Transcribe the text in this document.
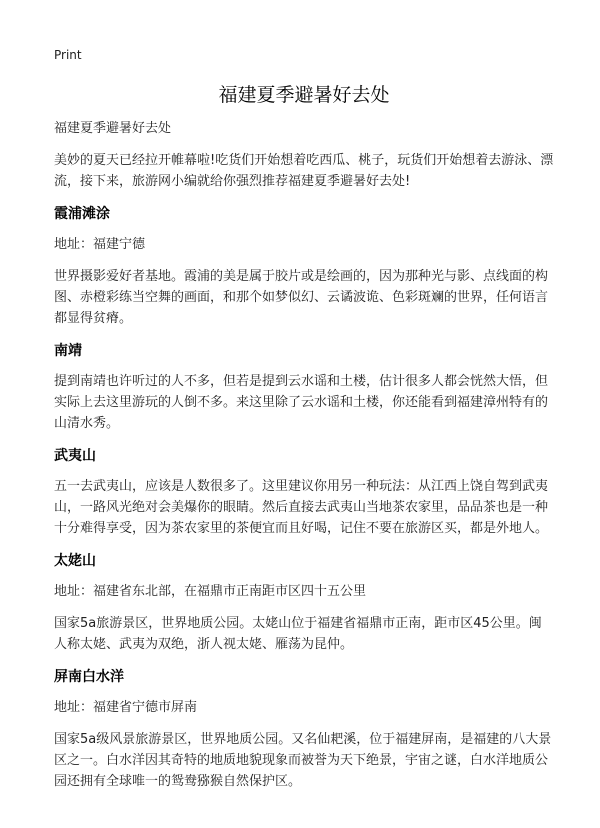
Print
福建夏季避暑好去处

福建夏季避暑好去处

美妙的夏天已经拉开帷幕啦!吃货们开始想着吃西瓜、桃子，玩货们开始想着去游泳、漂流，接下来，旅游网小编就给你强烈推荐福建夏季避暑好去处!

霞浦滩涂

地址：福建宁德

世界摄影爱好者基地。霞浦的美是属于胶片或是绘画的，因为那种光与影、点线面的构图、赤橙彩练当空舞的画面，和那个如梦似幻、云谲波诡、色彩斑斓的世界，任何语言都显得贫瘠。

南靖

提到南靖也许听过的人不多，但若是提到云水谣和土楼，估计很多人都会恍然大悟，但实际上去这里游玩的人倒不多。来这里除了云水谣和土楼，你还能看到福建漳州特有的山清水秀。

武夷山

五一去武夷山，应该是人数很多了。这里建议你用另一种玩法：从江西上饶自驾到武夷山，一路风光绝对会美爆你的眼睛。然后直接去武夷山当地茶农家里，品品茶也是一种十分难得享受，因为茶农家里的茶便宜而且好喝，记住不要在旅游区买，都是外地人。

太姥山

地址：福建省东北部，在福鼎市正南距市区四十五公里

国家5a旅游景区，世界地质公园。太姥山位于福建省福鼎市正南，距市区45公里。闽人称太姥、武夷为双绝，浙人视太姥、雁荡为昆仲。

屏南白水洋

地址：福建省宁德市屏南

国家5a级风景旅游景区，世界地质公园。又名仙耙溪，位于福建屏南，是福建的八大景区之一。白水洋因其奇特的地质地貌现象而被誉为天下绝景，宇宙之谜，白水洋地质公园还拥有全球唯一的鸳鸯猕猴自然保护区。
